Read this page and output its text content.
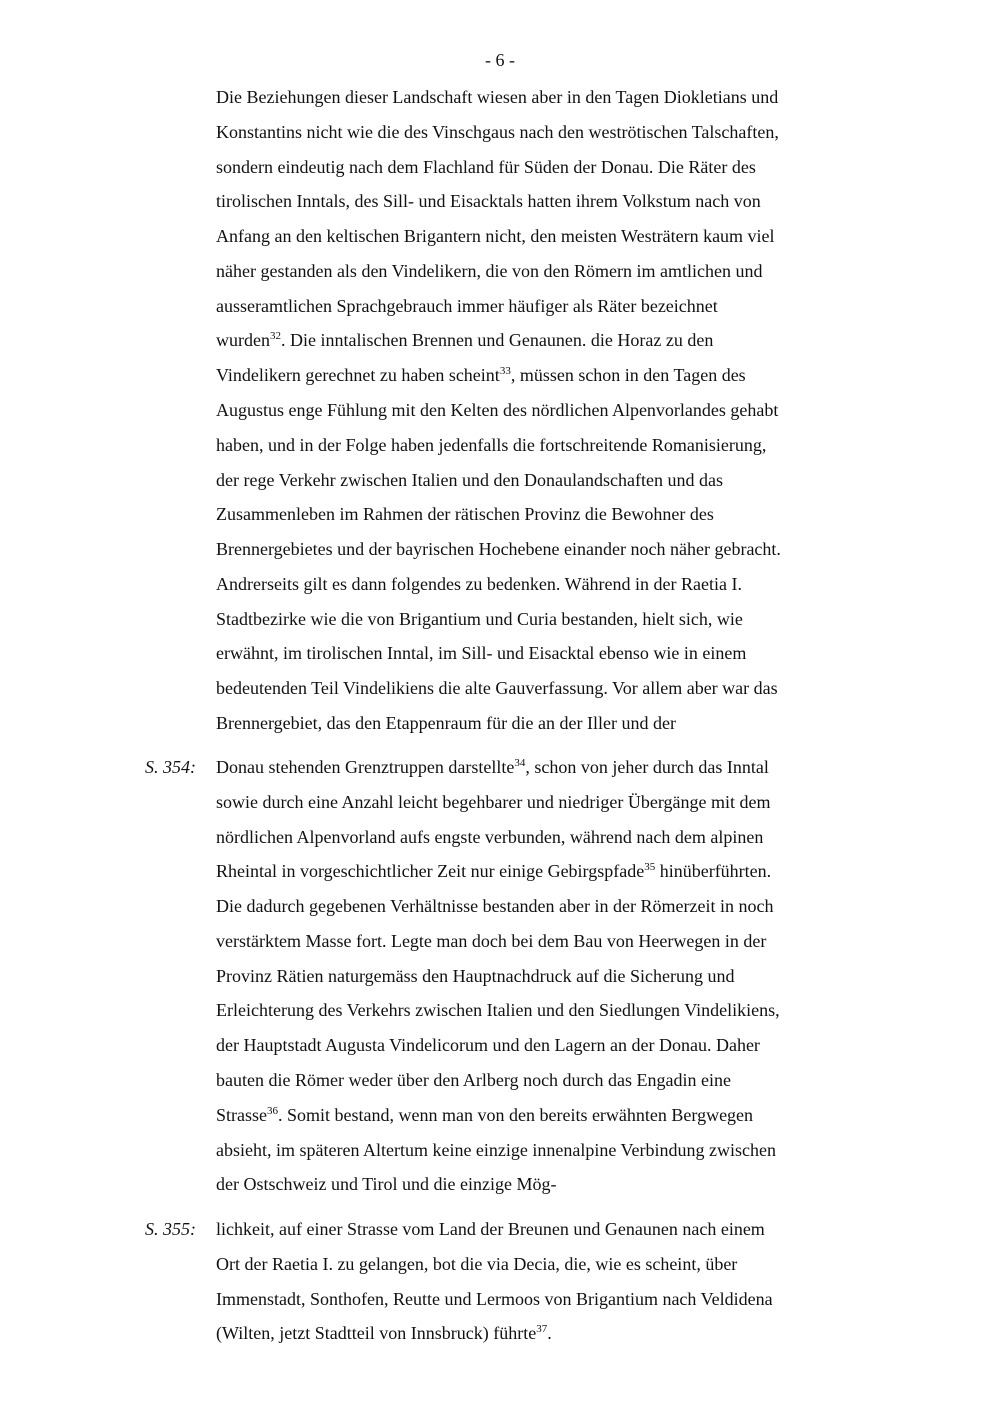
- 6 -
Die Beziehungen dieser Landschaft wiesen aber in den Tagen Diokletians und
Konstantins nicht wie die des Vinschgaus nach den weströtischen Talschaften,
sondern eindeutig nach dem Flachland für Süden der Donau. Die Räter des
tirolischen Inntals, des Sill- und Eisacktals hatten ihrem Volkstum nach von
Anfang an den keltischen Brigantern nicht, den meisten Westrätern kaum viel
näher gestanden als den Vindelikern, die von den Römern im amtlichen und
ausseramtlichen Sprachgebrauch immer häufiger als Räter bezeichnet
wurden$^{32}$. Die inntalischen Brennen und Genaunen. die Horaz zu den
Vindelikern gerechnet zu haben scheint$^{33}$, müssen schon in den Tagen des
Augustus enge Fühlung mit den Kelten des nördlichen Alpenvorlandes gehabt
haben, und in der Folge haben jedenfalls die fortschreitende Romanisierung,
der rege Verkehr zwischen Italien und den Donaulandschaften und das
Zusammenleben im Rahmen der rätischen Provinz die Bewohner des
Brennergebietes und der bayrischen Hochebene einander noch näher gebracht.
Andrerseits gilt es dann folgendes zu bedenken. Während in der Raetia I.
Stadtbezirke wie die von Brigantium und Curia bestanden, hielt sich, wie
erwähnt, im tirolischen Inntal, im Sill- und Eisacktal ebenso wie in einem
bedeutenden Teil Vindelikiens die alte Gauverfassung. Vor allem aber war das
Brennergebiet, das den Etappenraum für die an der Iller und der
S. 354: Donau stehenden Grenztruppen darstellte$^{34}$, schon von jeher durch das Inntal
sowie durch eine Anzahl leicht begehbarer und niedriger Übergänge mit dem
nördlichen Alpenvorland aufs engste verbunden, während nach dem alpinen
Rheintal in vorgeschichtlicher Zeit nur einige Gebirgspfade$^{35}$ hinüberführten.
Die dadurch gegebenen Verhältnisse bestanden aber in der Römerzeit in noch
verstärktem Masse fort. Legte man doch bei dem Bau von Heerwegen in der
Provinz Rätien naturgemäss den Hauptnachdruck auf die Sicherung und
Erleichterung des Verkehrs zwischen Italien und den Siedlungen Vindelikiens,
der Hauptstadt Augusta Vindelicorum und den Lagern an der Donau. Daher
bauten die Römer weder über den Arlberg noch durch das Engadin eine
Strasse$^{36}$. Somit bestand, wenn man von den bereits erwähnten Bergwegen
absieht, im späteren Altertum keine einzige innenalpine Verbindung zwischen
der Ostschweiz und Tirol und die einzige Mög-
S. 355: lichkeit, auf einer Strasse vom Land der Breunen und Genaunen nach einem
Ort der Raetia I. zu gelangen, bot die via Decia, die, wie es scheint, über
Immenstadt, Sonthofen, Reutte und Lermoos von Brigantium nach Veldidena
(Wilten, jetzt Stadtteil von Innsbruck) führte$^{37}$.
